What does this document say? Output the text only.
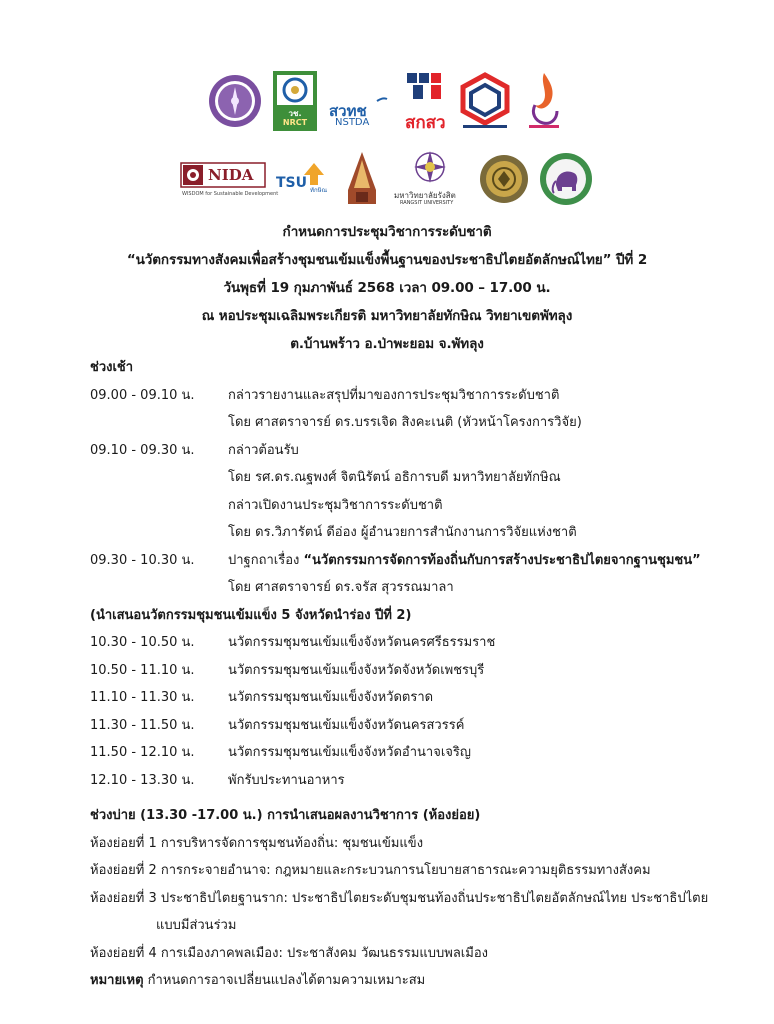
วช.
NRCT
สวทช
NSTDA สกสว
NIDA
WISDOM for Sustainable Development
TSU ทักษิณ
มหาวิทยาลัยรังสิต
RANGSIT UNIVERSITY
กำหนดการประชุมวิชาการระดับชาติ
“นวัตกรรมทางสังคมเพื่อสร้างชุมชนเข้มแข็งพื้นฐานของประชาธิปไตยอัตลักษณ์ไทย” ปีที่ 2
วันพุธที่ 19 กุมภาพันธ์ 2568 เวลา 09.00 – 17.00 น.
ณ หอประชุมเฉลิมพระเกียรติ มหาวิทยาลัยทักษิณ วิทยาเขตพัทลุง
ต.บ้านพร้าว อ.ป่าพะยอม จ.พัทลุง
ช่วงเช้า
09.00 - 09.10 น.	กล่าวรายงานและสรุปที่มาของการประชุมวิชาการระดับชาติ
โดย ศาสตราจารย์ ดร.บรรเจิด สิงคะเนติ (หัวหน้าโครงการวิจัย)
09.10 - 09.30 น.	กล่าวต้อนรับ
โดย รศ.ดร.ณฐพงศ์ จิตนิรัตน์ อธิการบดี มหาวิทยาลัยทักษิณ
กล่าวเปิดงานประชุมวิชาการระดับชาติ
โดย ดร.วิภารัตน์ ดีอ่อง ผู้อำนวยการสำนักงานการวิจัยแห่งชาติ
09.30 - 10.30 น.	ปาฐกถาเรื่อง “นวัตกรรมการจัดการท้องถิ่นกับการสร้างประชาธิปไตยจากฐานชุมชน”
โดย ศาสตราจารย์ ดร.จรัส สุวรรณมาลา
(นำเสนอนวัตกรรมชุมชนเข้มแข็ง 5 จังหวัดนำร่อง ปีที่ 2)
10.30 - 10.50 น.	นวัตกรรมชุมชนเข้มแข็งจังหวัดนครศรีธรรมราช
10.50 - 11.10 น.	นวัตกรรมชุมชนเข้มแข็งจังหวัดจังหวัดเพชรบุรี
11.10 - 11.30 น.	นวัตกรรมชุมชนเข้มแข็งจังหวัดตราด
11.30 - 11.50 น.	นวัตกรรมชุมชนเข้มแข็งจังหวัดนครสวรรค์
11.50 - 12.10 น.	นวัตกรรมชุมชนเข้มแข็งจังหวัดอำนาจเจริญ
12.10 - 13.30 น.	พักรับประทานอาหาร
ช่วงบ่าย (13.30 -17.00 น.) การนำเสนอผลงานวิชาการ (ห้องย่อย)
ห้องย่อยที่ 1 การบริหารจัดการชุมชนท้องถิ่น: ชุมชนเข้มแข็ง
ห้องย่อยที่ 2 การกระจายอำนาจ: กฎหมายและกระบวนการนโยบายสาธารณะความยุติธรรมทางสังคม
ห้องย่อยที่ 3 ประชาธิปไตยฐานราก: ประชาธิปไตยระดับชุมชนท้องถิ่นประชาธิปไตยอัตลักษณ์ไทย ประชาธิปไตย
แบบมีส่วนร่วม
ห้องย่อยที่ 4 การเมืองภาคพลเมือง: ประชาสังคม วัฒนธรรมแบบพลเมือง
หมายเหตุ กำหนดการอาจเปลี่ยนแปลงได้ตามความเหมาะสม
